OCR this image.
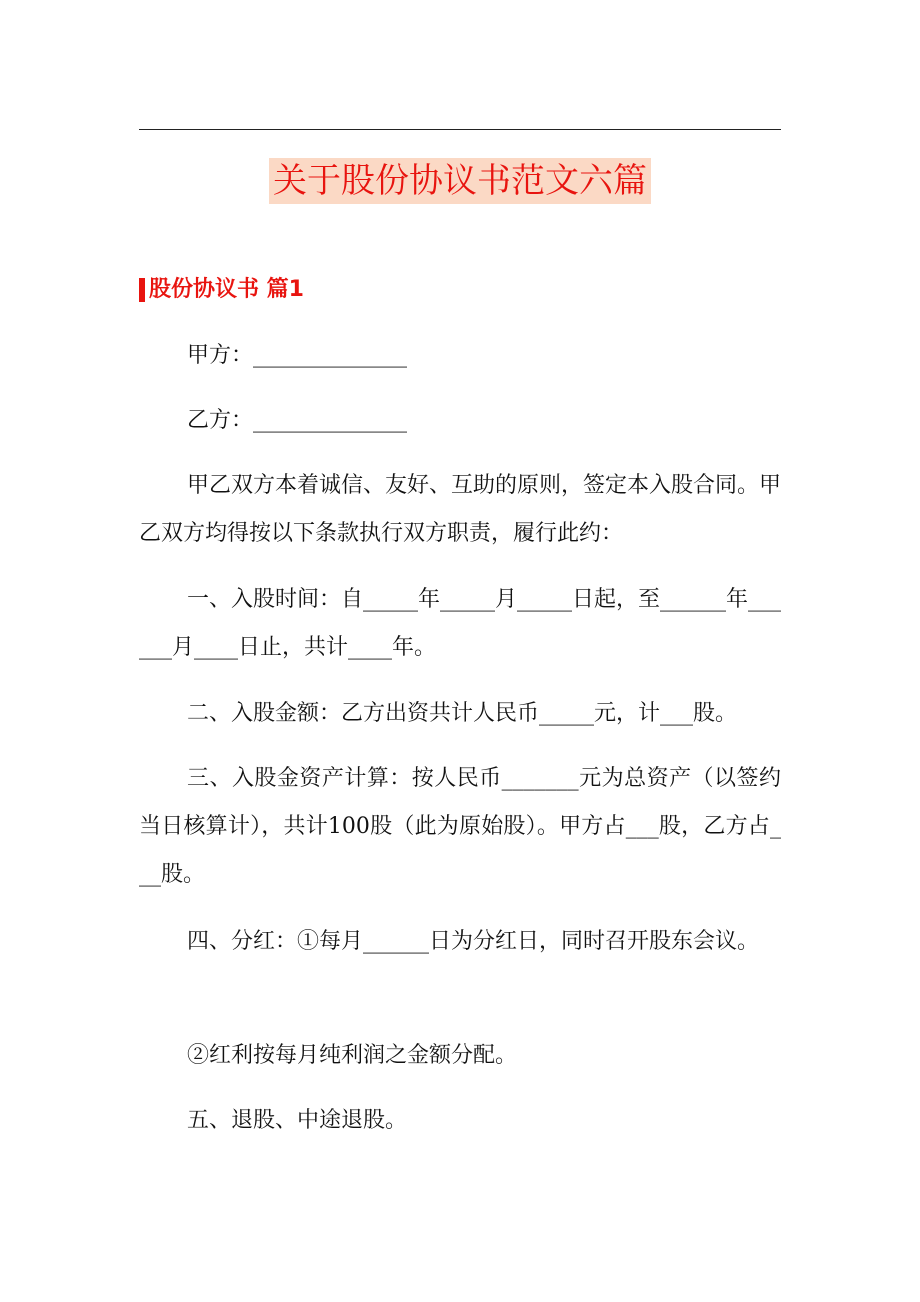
关于股份协议书范文六篇
股份协议书 篇1

甲方：______________

乙方：______________

甲乙双方本着诚信、友好、互助的原则，签定本入股合同。甲乙双方均得按以下条款执行双方职责，履行此约：

一、入股时间：自_____年_____月_____日起，至______年______月____日止，共计____年。

二、入股金额：乙方出资共计人民币_____元，计___股。

三、入股金资产计算：按人民币_______元为总资产（以签约当日核算计），共计100股（此为原始股）。甲方占___股，乙方占___股。

四、分红：①每月______日为分红日，同时召开股东会议。

②红利按每月纯利润之金额分配。

五、退股、中途退股。
